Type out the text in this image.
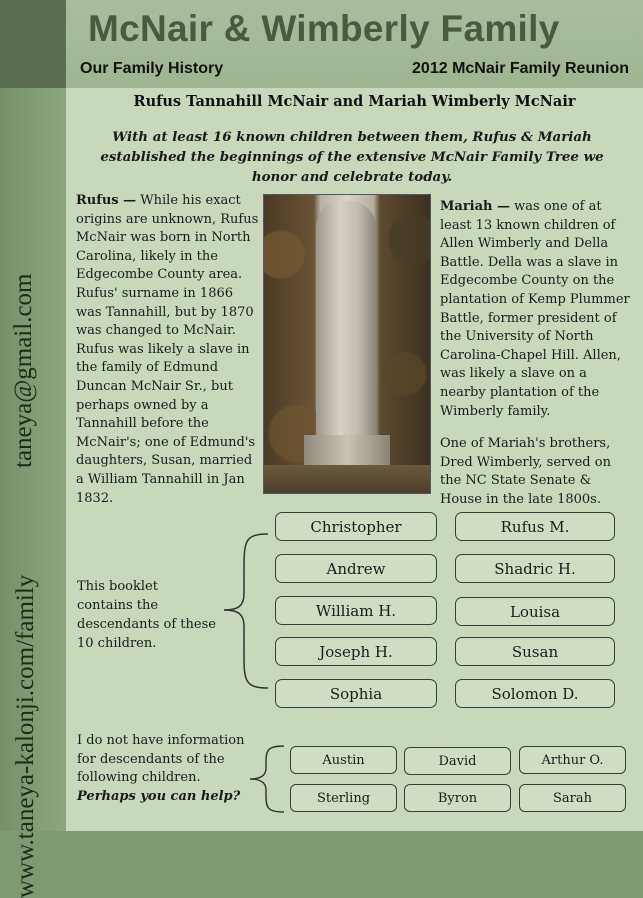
McNair & Wimberly Family
Our Family History	2012 McNair Family Reunion
taneya@gmail.com
www.taneya-kalonji.com/family
Rufus Tannahill McNair and Mariah Wimberly McNair
With at least 16 known children between them, Rufus & Mariah established the beginnings of the extensive McNair Family Tree we honor and celebrate today.
Rufus — While his exact origins are unknown, Rufus McNair was born in North Carolina, likely in the Edgecombe County area. Rufus' surname in 1866 was Tannahill, but by 1870 was changed to McNair. Rufus was likely a slave in the family of Edmund Duncan McNair Sr., but perhaps owned by a Tannahill before the McNair's; one of Edmund's daughters, Susan, married a William Tannahill in Jan 1832.

Mariah — was one of at least 13 known children of Allen Wimberly and Della Battle. Della was a slave in Edgecombe County on the plantation of Kemp Plummer Battle, former president of the University of North Carolina-Chapel Hill. Allen, was likely a slave on a nearby plantation of the Wimberly family.

One of Mariah's brothers, Dred Wimberly, served on the NC State Senate & House in the late 1800s.

This booklet contains the descendants of these 10 children.
Christopher	Rufus M.
Andrew	Shadric H.
William H.	Louisa
Joseph H.	Susan
Sophia	Solomon D.
I do not have information for descendants of the following children.
Perhaps you can help?
Austin	David	Arthur O.
Sterling	Byron	Sarah
